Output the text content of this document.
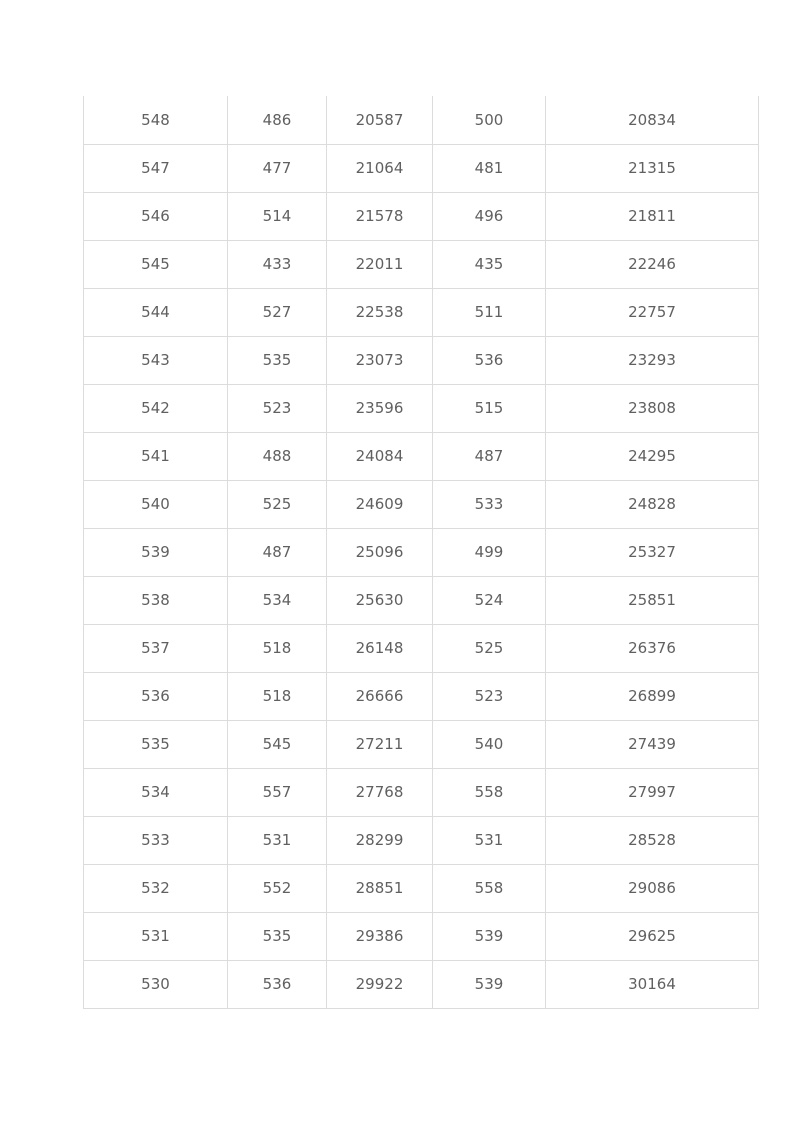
548	486	20587	500	20834
547	477	21064	481	21315
546	514	21578	496	21811
545	433	22011	435	22246
544	527	22538	511	22757
543	535	23073	536	23293
542	523	23596	515	23808
541	488	24084	487	24295
540	525	24609	533	24828
539	487	25096	499	25327
538	534	25630	524	25851
537	518	26148	525	26376
536	518	26666	523	26899
535	545	27211	540	27439
534	557	27768	558	27997
533	531	28299	531	28528
532	552	28851	558	29086
531	535	29386	539	29625
530	536	29922	539	30164
